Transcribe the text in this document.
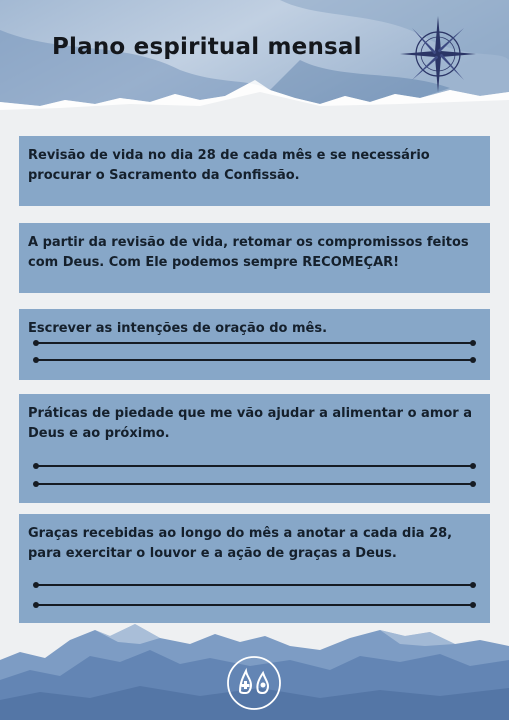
Plano espiritual mensal

Revisão de vida no dia 28 de cada mês e se necessário procurar o Sacramento da Confissão.

A partir da revisão de vida, retomar os compromissos feitos com Deus. Com Ele podemos sempre RECOMEÇAR!

Escrever as intenções de oração do mês.

Práticas de piedade que me vão ajudar a alimentar o amor a Deus e ao próximo.

Graças recebidas ao longo do mês a anotar a cada dia 28, para exercitar o louvor e a ação de graças a Deus.
